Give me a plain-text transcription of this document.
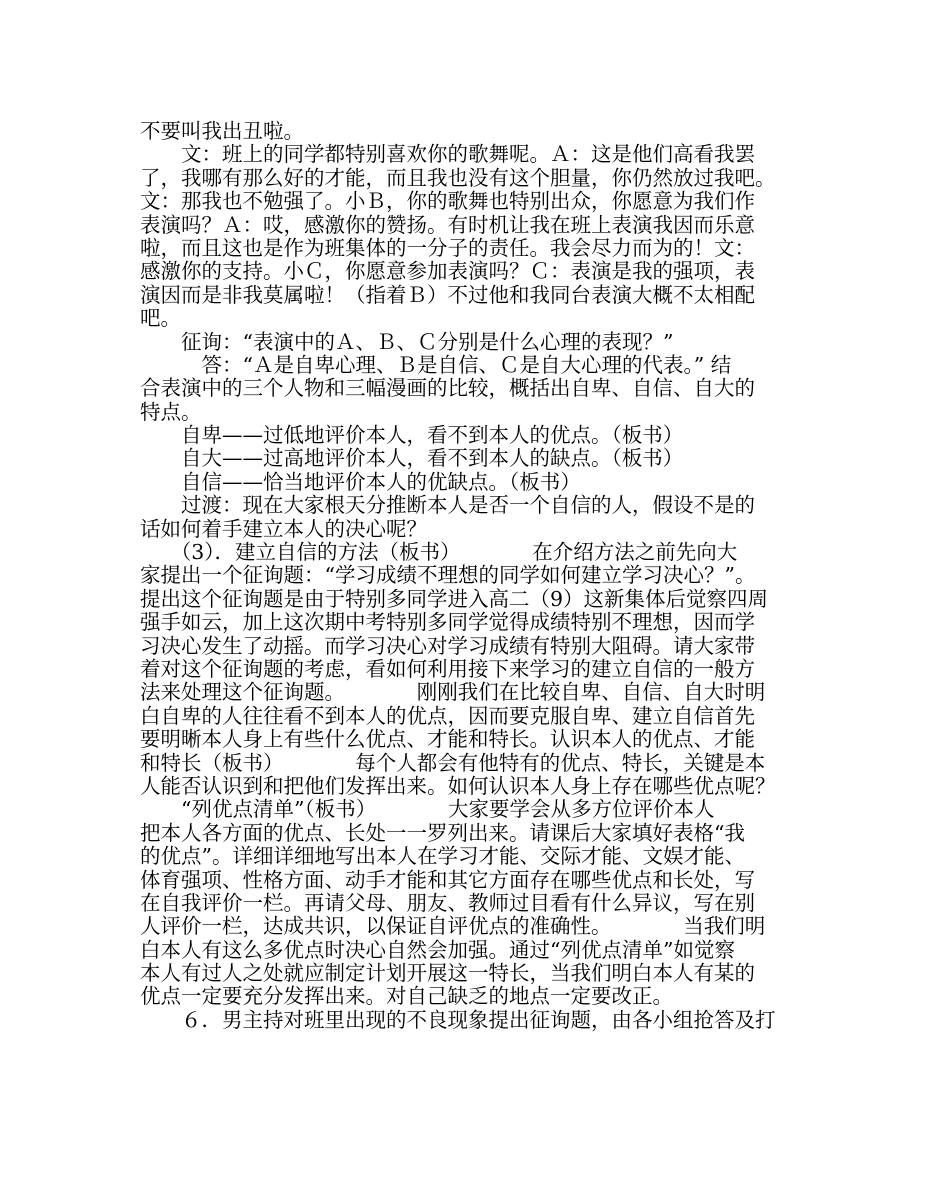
不要叫我出丑啦。
　　文：班上的同学都特别喜欢你的歌舞呢。Ａ：这是他们高看我罢
了，我哪有那么好的才能，而且我也没有这个胆量，你仍然放过我吧。
文：那我也不勉强了。小Ｂ，你的歌舞也特别出众，你愿意为我们作
表演吗？Ａ：哎，感激你的赞扬。有时机让我在班上表演我因而乐意
啦，而且这也是作为班集体的一分子的责任。我会尽力而为的！文：
感激你的支持。小Ｃ，你愿意参加表演吗？Ｃ：表演是我的强项，表
演因而是非我莫属啦！（指着Ｂ）不过他和我同台表演大概不太相配
吧。
　　征询：“表演中的Ａ、Ｂ、Ｃ分别是什么心理的表现？”
　　　答：“Ａ是自卑心理、Ｂ是自信、Ｃ是自大心理的代表。” 结
合表演中的三个人物和三幅漫画的比较，概括出自卑、自信、自大的
特点。
　　自卑——过低地评价本人，看不到本人的优点。（板书）
　　自大——过高地评价本人，看不到本人的缺点。（板书）
　　自信——恰当地评价本人的优缺点。（板书）
　　过渡：现在大家根天分推断本人是否一个自信的人，假设不是的
话如何着手建立本人的决心呢？
　　（3）．建立自信的方法（板书）　　　　在介绍方法之前先向大
家提出一个征询题：“学习成绩不理想的同学如何建立学习决心？”。
提出这个征询题是由于特别多同学进入高二（9）这新集体后觉察四周
强手如云，加上这次期中考特别多同学觉得成绩特别不理想，因而学
习决心发生了动摇。而学习决心对学习成绩有特别大阻碍。请大家带
着对这个征询题的考虑，看如何利用接下来学习的建立自信的一般方
法来处理这个征询题。　　　　刚刚我们在比较自卑、自信、自大时明
白自卑的人往往看不到本人的优点，因而要克服自卑、建立自信首先
要明晰本人身上有些什么优点、才能和特长。认识本人的优点、才能
和特长（板书）　　　　每个人都会有他特有的优点、特长，关键是本
人能否认识到和把他们发挥出来。如何认识本人身上存在哪些优点呢？
　　“列优点清单”（板书）　　　　大家要学会从多方位评价本人
把本人各方面的优点、长处一一罗列出来。请课后大家填好表格“我
的优点”。详细详细地写出本人在学习才能、交际才能、文娱才能、
体育强项、性格方面、动手才能和其它方面存在哪些优点和长处，写
在自我评价一栏。再请父母、朋友、教师过目看有什么异议，写在别
人评价一栏，达成共识，以保证自评优点的准确性。　　　　当我们明
白本人有这么多优点时决心自然会加强。通过“列优点清单”如觉察
本人有过人之处就应制定计划开展这一特长，当我们明白本人有某的
优点一定要充分发挥出来。对自己缺乏的地点一定要改正。
　　６．男主持对班里出现的不良现象提出征询题，由各小组抢答及打
